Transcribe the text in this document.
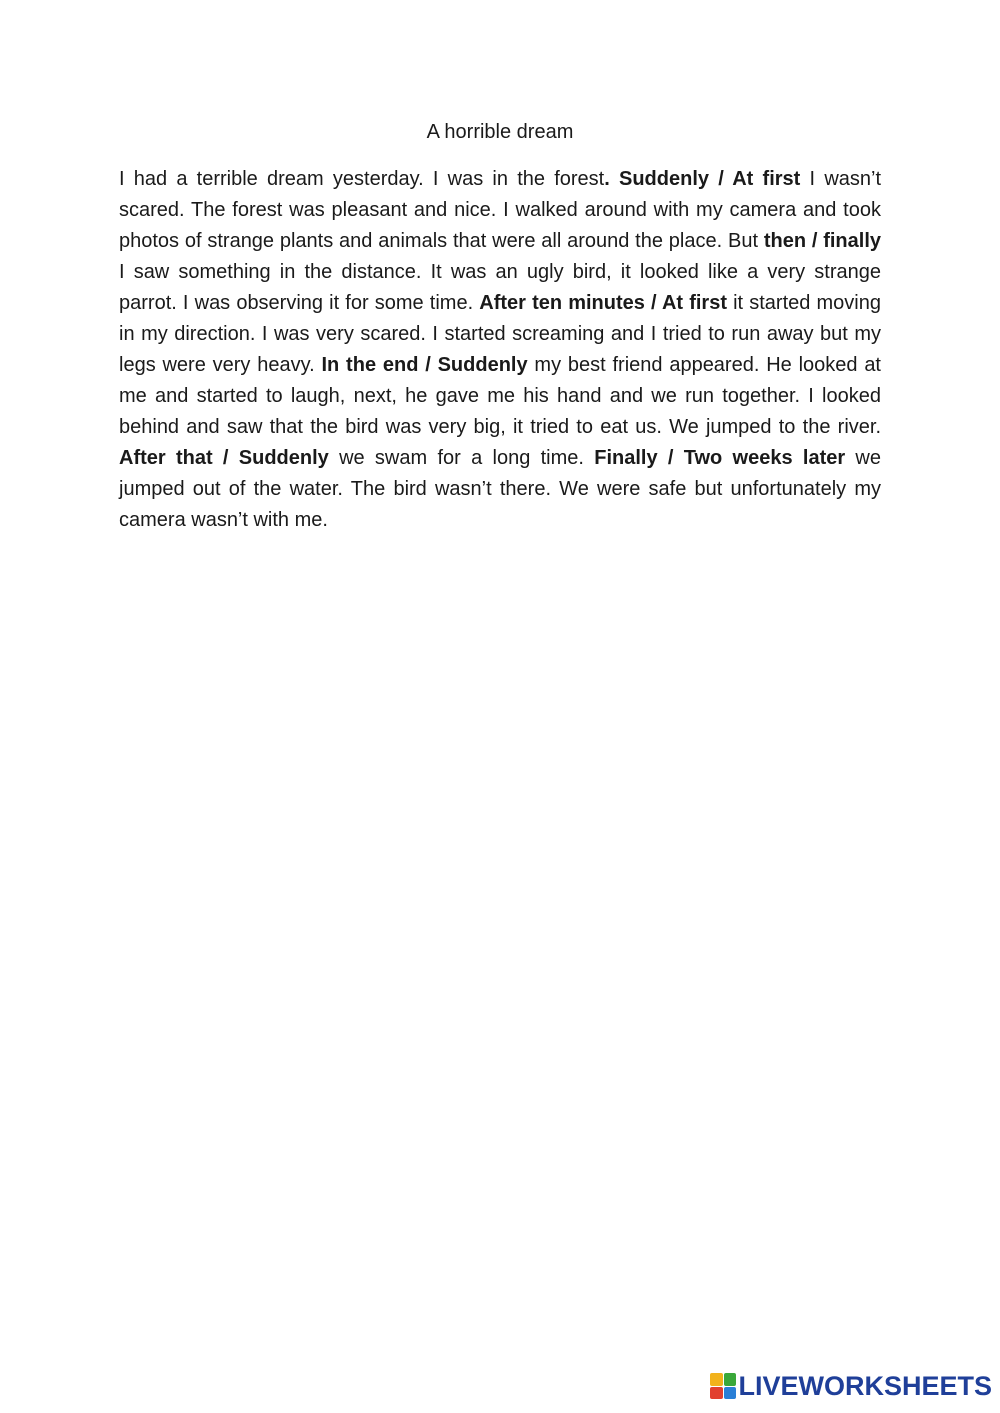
A horrible dream

I had a terrible dream yesterday. I was in the forest. Suddenly / At first I wasn’t scared. The forest was pleasant and nice. I walked around with my camera and took photos of strange plants and animals that were all around the place. But then / finally I saw something in the distance. It was an ugly bird, it looked like a very strange parrot. I was observing it for some time. After ten minutes / At first it started moving in my direction. I was very scared. I started screaming and I tried to run away but my legs were very heavy. In the end / Suddenly my best friend appeared. He looked at me and started to laugh, next, he gave me his hand and we run together. I looked behind and saw that the bird was very big, it tried to eat us. We jumped to the river. After that / Suddenly we swam for a long time. Finally / Two weeks later we jumped out of the water. The bird wasn’t there. We were safe but unfortunately my camera wasn’t with me.

LIVEWORKSHEETS
